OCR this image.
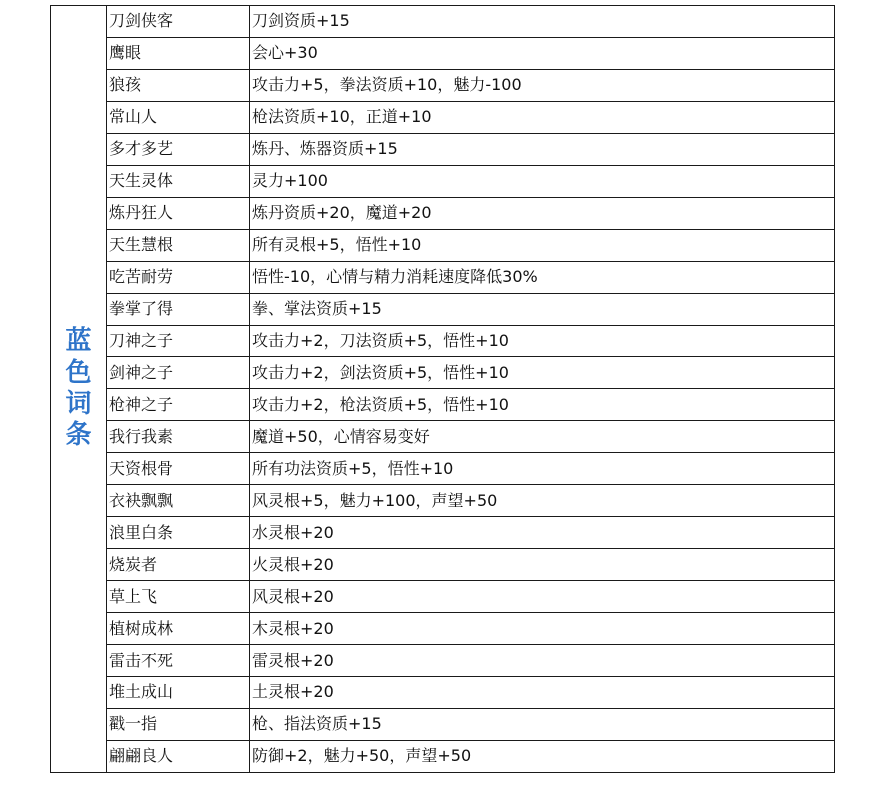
蓝
色
词
条	刀剑侠客	刀剑资质+15
	鹰眼	会心+30
	狼孩	攻击力+5，拳法资质+10，魅力-100
	常山人	枪法资质+10，正道+10
	多才多艺	炼丹、炼器资质+15
	天生灵体	灵力+100
	炼丹狂人	炼丹资质+20，魔道+20
	天生慧根	所有灵根+5，悟性+10
	吃苦耐劳	悟性-10，心情与精力消耗速度降低30%
	拳掌了得	拳、掌法资质+15
	刀神之子	攻击力+2，刀法资质+5，悟性+10
	剑神之子	攻击力+2，剑法资质+5，悟性+10
	枪神之子	攻击力+2，枪法资质+5，悟性+10
	我行我素	魔道+50，心情容易变好
	天资根骨	所有功法资质+5，悟性+10
	衣袂飘飘	风灵根+5，魅力+100，声望+50
	浪里白条	水灵根+20
	烧炭者	火灵根+20
	草上飞	风灵根+20
	植树成林	木灵根+20
	雷击不死	雷灵根+20
	堆土成山	土灵根+20
	戳一指	枪、指法资质+15
	翩翩良人	防御+2，魅力+50，声望+50
